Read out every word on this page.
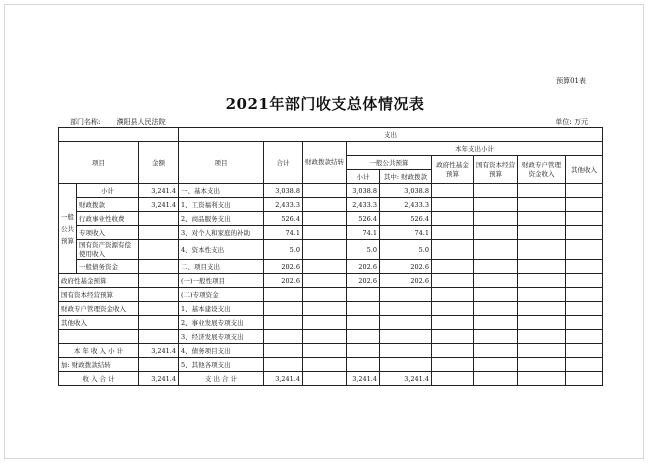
预算01表
2021年部门收支总体情况表
部门名称: 濮阳县人民法院	单位: 万元
			支出								
项目		金额	项目	合计	财政拨款结转	本年支出小计					
						一般公共预算		政府性基金预算	国有资本经营预算	财政专户管理资金收入	其他收入
						小计	其中: 财政拨款				
一般公共预算	小计	3,241.4	一、基本支出	3,038.8		3,038.8	3,038.8				
	财政拨款	3,241.4	1、工资福利支出	2,433.3		2,433.3	2,433.3				
	行政事业性收费		2、商品服务支出	526.4		526.4	526.4				
	专项收入		3、对个人和家庭的补助	74.1		74.1	74.1				
	国有资产资源有偿使用收入		4、资本性支出	5.0		5.0	5.0				
	一般债务资金		二、项目支出	202.6		202.6	202.6				
政府性基金预算			(一)一般性项目	202.6		202.6	202.6				
国有资本经营预算			(二)专项资金								
财政专户管理资金收入			1、基本建设支出								
其他收入			2、事业发展专项支出								
			3、经济发展专项支出								
本 年 收 入 小 计		3,241.4	4、债务项目支出								
加: 财政拨款结转			5、其他各项支出								
收 入 合 计		3,241.4	支 出 合 计	3,241.4		3,241.4	3,241.4				
